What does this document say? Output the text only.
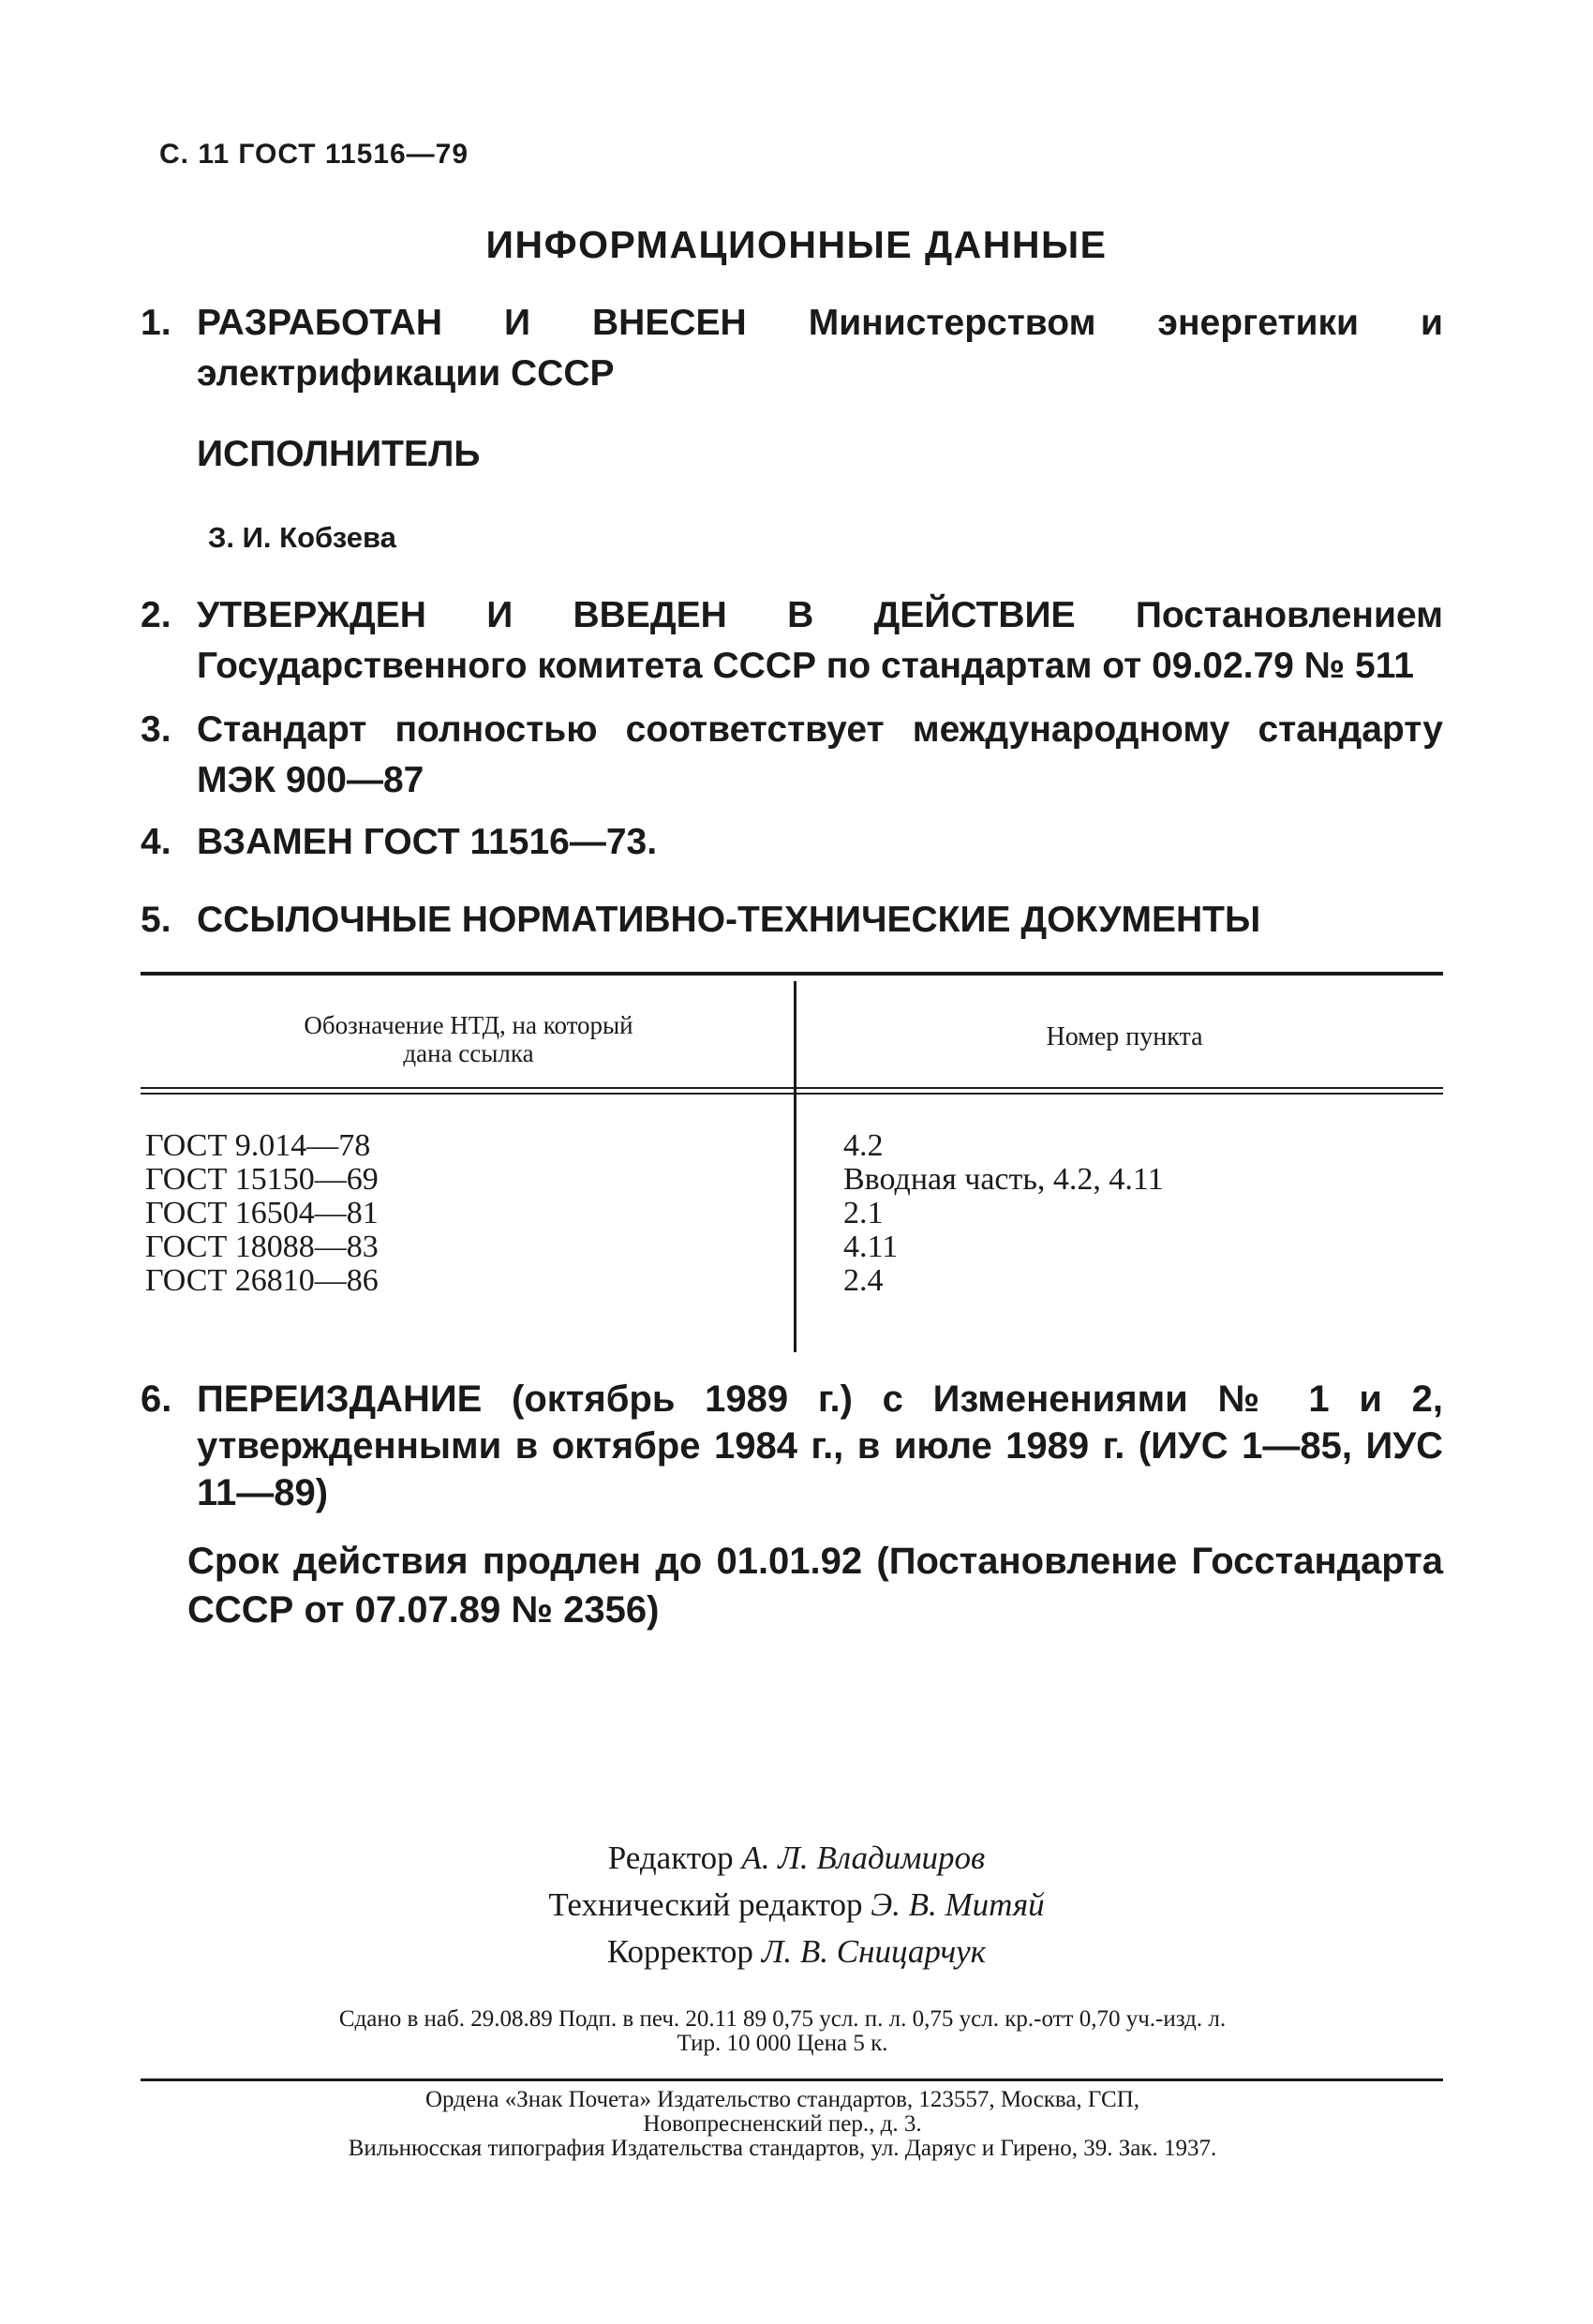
С. 11 ГОСТ 11516—79
ИНФОРМАЦИОННЫЕ ДАННЫЕ
1. РАЗРАБОТАН И ВНЕСЕН Министерством энергетики и электрификации СССР
ИСПОЛНИТЕЛЬ
З. И. Кобзева
2. УТВЕРЖДЕН И ВВЕДЕН В ДЕЙСТВИЕ Постановлением Государственного комитета СССР по стандартам от 09.02.79 № 511
3. Стандарт полностью соответствует международному стандарту МЭК 900—87
4. ВЗАМЕН ГОСТ 11516—73.
5. ССЫЛОЧНЫЕ НОРМАТИВНО-ТЕХНИЧЕСКИЕ ДОКУМЕНТЫ
Обозначение НТД, на который
дана ссылка
Номер пункта
ГОСТ 9.014—78
ГОСТ 15150—69
ГОСТ 16504—81
ГОСТ 18088—83
ГОСТ 26810—86
4.2
Вводная часть, 4.2, 4.11
2.1
4.11
2.4
6. ПЕРЕИЗДАНИЕ (октябрь 1989 г.) с Изменениями № 1 и 2, утвержденными в октябре 1984 г., в июле 1989 г. (ИУС 1—85, ИУС 11—89)
Срок действия продлен до 01.01.92 (Постановление Госстандарта СССР от 07.07.89 № 2356)
Редактор А. Л. Владимиров
Технический редактор Э. В. Митяй
Корректор Л. В. Сницарчук
Сдано в наб. 29.08.89 Подп. в печ. 20.11 89 0,75 усл. п. л. 0,75 усл. кр.-отт 0,70 уч.-изд. л.
Тир. 10 000 Цена 5 к.
Ордена «Знак Почета» Издательство стандартов, 123557, Москва, ГСП,
Новопресненский пер., д. 3.
Вильнюсская типография Издательства стандартов, ул. Даряус и Гирено, 39. Зак. 1937.
